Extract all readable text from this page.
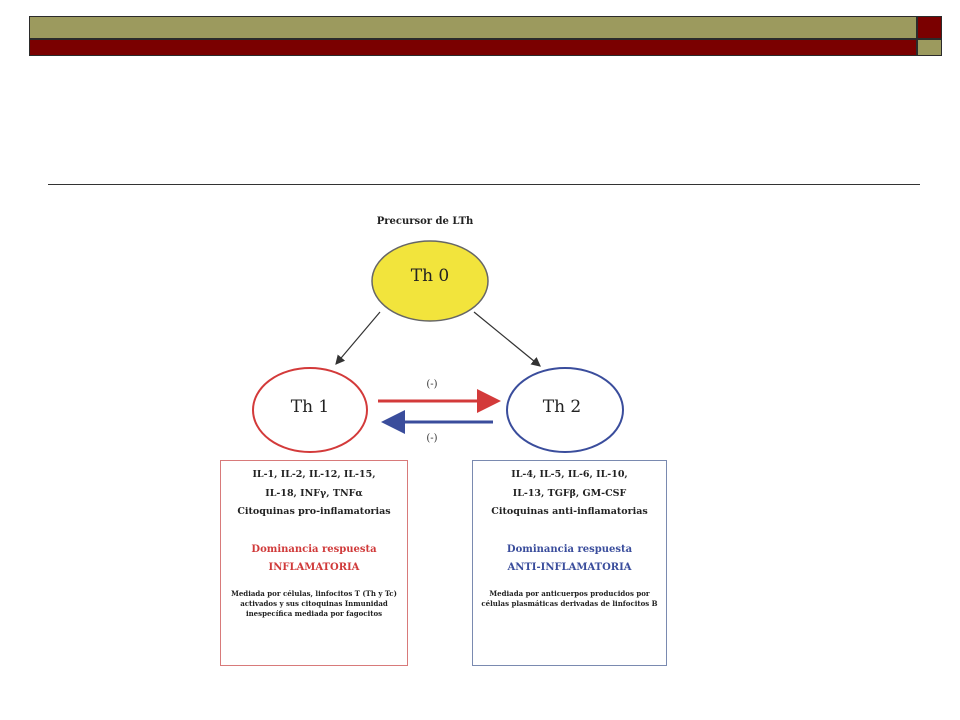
Precursor de LTh
Th 0
Th 1	Th 2
(-)
(-)
IL-1, IL-2, IL-12, IL-15,
IL-18, INFγ, TNFα
Citoquinas pro-inflamatorias
Dominancia respuesta
INFLAMATORIA
Mediada por células, linfocitos T (Th y Tc) activados y sus citoquinas Inmunidad inespecífica mediada por fagocitos
IL-4, IL-5, IL-6, IL-10,
IL-13, TGFβ, GM-CSF
Citoquinas anti-inflamatorias
Dominancia respuesta
ANTI-INFLAMATORIA
Mediada por anticuerpos producidos por células plasmáticas derivadas de linfocitos B
